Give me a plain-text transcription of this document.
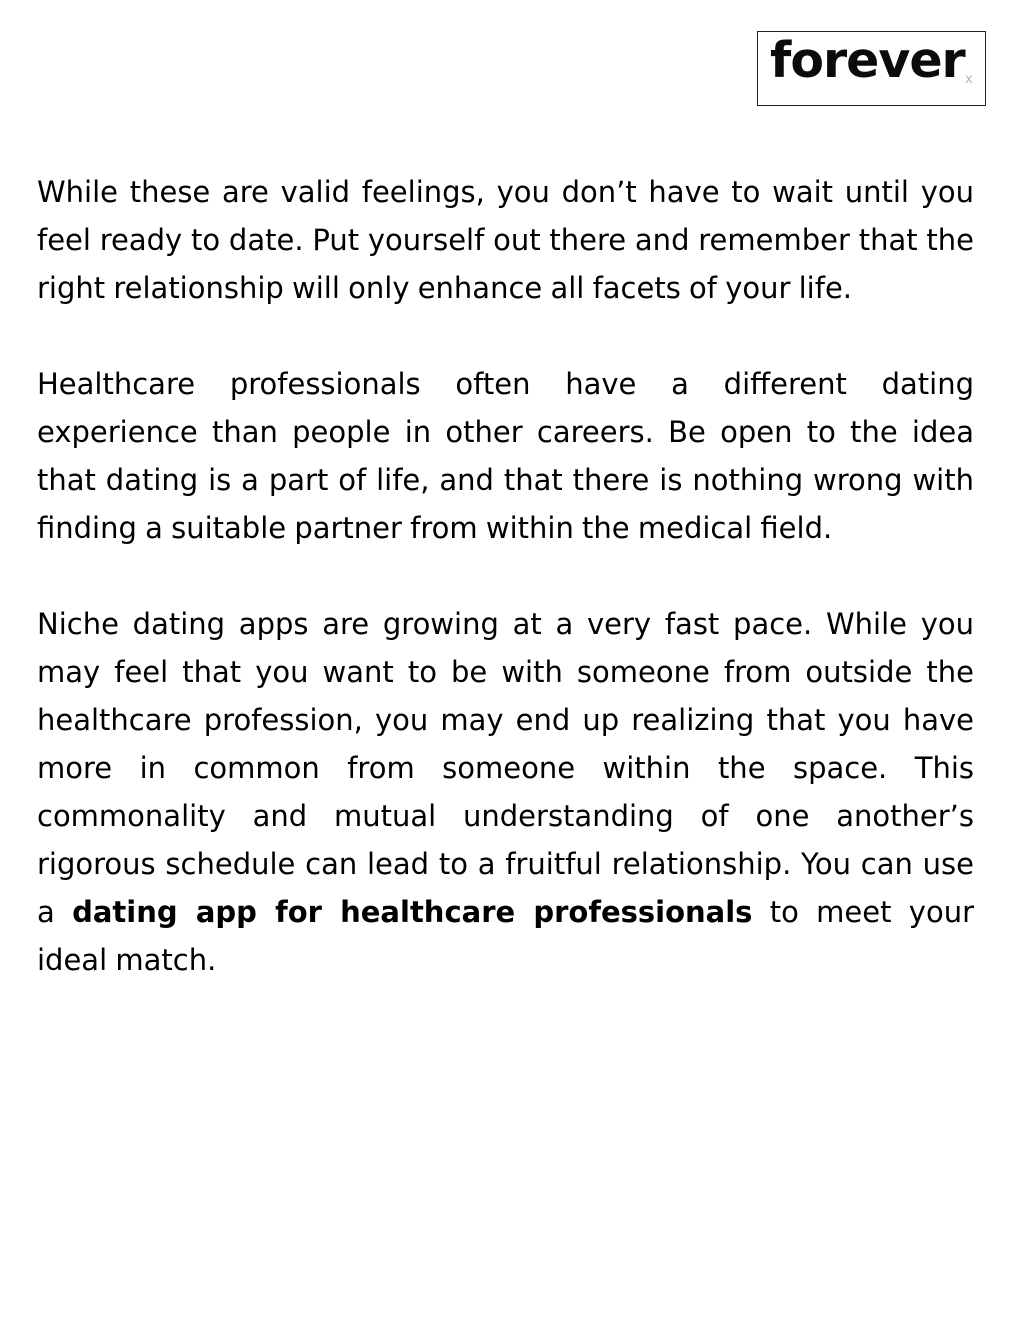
forever x

While these are valid feelings, you don’t have to wait until you feel ready to date. Put yourself out there and remember that the right relationship will only enhance all facets of your life.

Healthcare professionals often have a different dating experience than people in other careers. Be open to the idea that dating is a part of life, and that there is nothing wrong with finding a suitable partner from within the medical field.

Niche dating apps are growing at a very fast pace. While you may feel that you want to be with someone from outside the healthcare profession, you may end up realizing that you have more in common from someone within the space. This commonality and mutual understanding of one another’s rigorous schedule can lead to a fruitful relationship. You can use a dating app for healthcare professionals to meet your ideal match.
